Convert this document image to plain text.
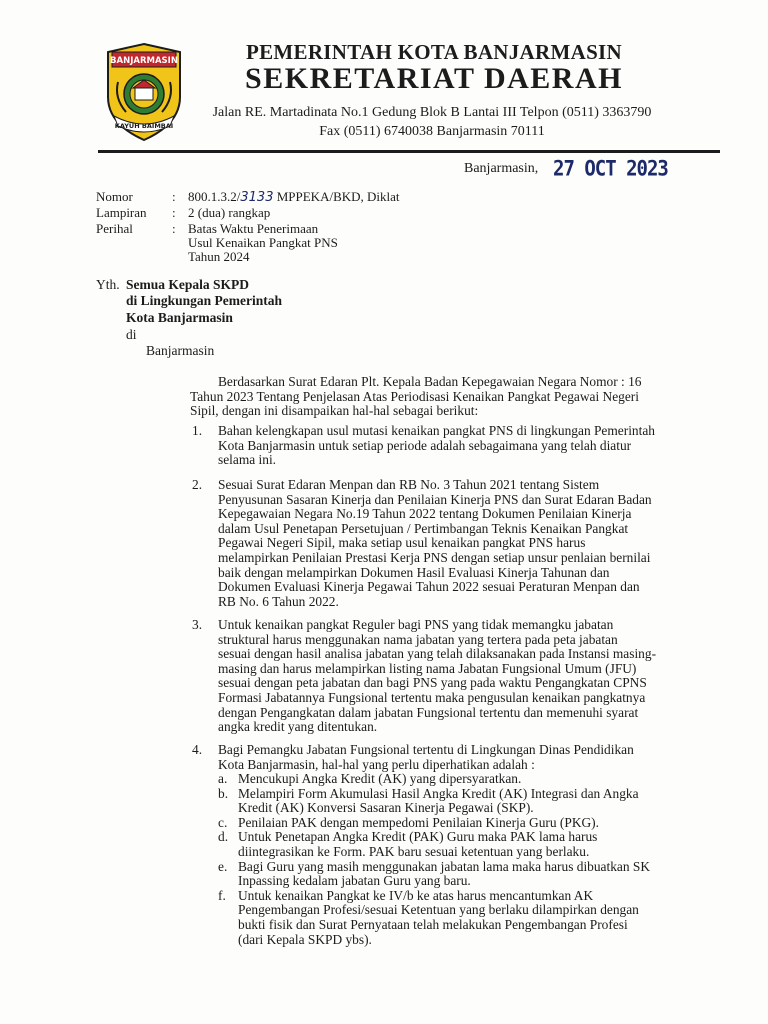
BANJARMASIN
KAYUH BAIMBAI
PEMERINTAH KOTA BANJARMASIN
SEKRETARIAT DAERAH
Jalan RE. Martadinata No.1 Gedung Blok B Lantai III Telpon (0511) 3363790
Fax (0511) 6740038 Banjarmasin 70111
Banjarmasin, 27 OCT 2023
Nomor	: 800.1.3.2/3133 MPPEKA/BKD, Diklat
Lampiran : 2 (dua) rangkap
Perihal	: Batas Waktu Penerimaan
Usul Kenaikan Pangkat PNS
Tahun 2024
Yth. Semua Kepala SKPD
di Lingkungan Pemerintah
Kota Banjarmasin
di
Banjarmasin
Berdasarkan Surat Edaran Plt. Kepala Badan Kepegawaian Negara Nomor : 16
Tahun 2023 Tentang Penjelasan Atas Periodisasi Kenaikan Pangkat Pegawai Negeri
Sipil, dengan ini disampaikan hal-hal sebagai berikut:
1. Bahan kelengkapan usul mutasi kenaikan pangkat PNS di lingkungan Pemerintah
Kota Banjarmasin untuk setiap periode adalah sebagaimana yang telah diatur
selama ini.
2. Sesuai Surat Edaran Menpan dan RB No. 3 Tahun 2021 tentang Sistem
Penyusunan Sasaran Kinerja dan Penilaian Kinerja PNS dan Surat Edaran Badan
Kepegawaian Negara No.19 Tahun 2022 tentang Dokumen Penilaian Kinerja
dalam Usul Penetapan Persetujuan / Pertimbangan Teknis Kenaikan Pangkat
Pegawai Negeri Sipil, maka setiap usul kenaikan pangkat PNS harus
melampirkan Penilaian Prestasi Kerja PNS dengan setiap unsur penlaian bernilai
baik dengan melampirkan Dokumen Hasil Evaluasi Kinerja Tahunan dan
Dokumen Evaluasi Kinerja Pegawai Tahun 2022 sesuai Peraturan Menpan dan
RB No. 6 Tahun 2022.
3. Untuk kenaikan pangkat Reguler bagi PNS yang tidak memangku jabatan
struktural harus menggunakan nama jabatan yang tertera pada peta jabatan
sesuai dengan hasil analisa jabatan yang telah dilaksanakan pada Instansi masing-
masing dan harus melampirkan listing nama Jabatan Fungsional Umum (JFU)
sesuai dengan peta jabatan dan bagi PNS yang pada waktu Pengangkatan CPNS
Formasi Jabatannya Fungsional tertentu maka pengusulan kenaikan pangkatnya
dengan Pengangkatan dalam jabatan Fungsional tertentu dan memenuhi syarat
angka kredit yang ditentukan.
4. Bagi Pemangku Jabatan Fungsional tertentu di Lingkungan Dinas Pendidikan
Kota Banjarmasin, hal-hal yang perlu diperhatikan adalah :
a. Mencukupi Angka Kredit (AK) yang dipersyaratkan.
b. Melampiri Form Akumulasi Hasil Angka Kredit (AK) Integrasi dan Angka
Kredit (AK) Konversi Sasaran Kinerja Pegawai (SKP).
c. Penilaian PAK dengan mempedomi Penilaian Kinerja Guru (PKG).
d. Untuk Penetapan Angka Kredit (PAK) Guru maka PAK lama harus
diintegrasikan ke Form. PAK baru sesuai ketentuan yang berlaku.
e. Bagi Guru yang masih menggunakan jabatan lama maka harus dibuatkan SK
Inpassing kedalam jabatan Guru yang baru.
f. Untuk kenaikan Pangkat ke IV/b ke atas harus mencantumkan AK
Pengembangan Profesi/sesuai Ketentuan yang berlaku dilampirkan dengan
bukti fisik dan Surat Pernyataan telah melakukan Pengembangan Profesi
(dari Kepala SKPD ybs).
